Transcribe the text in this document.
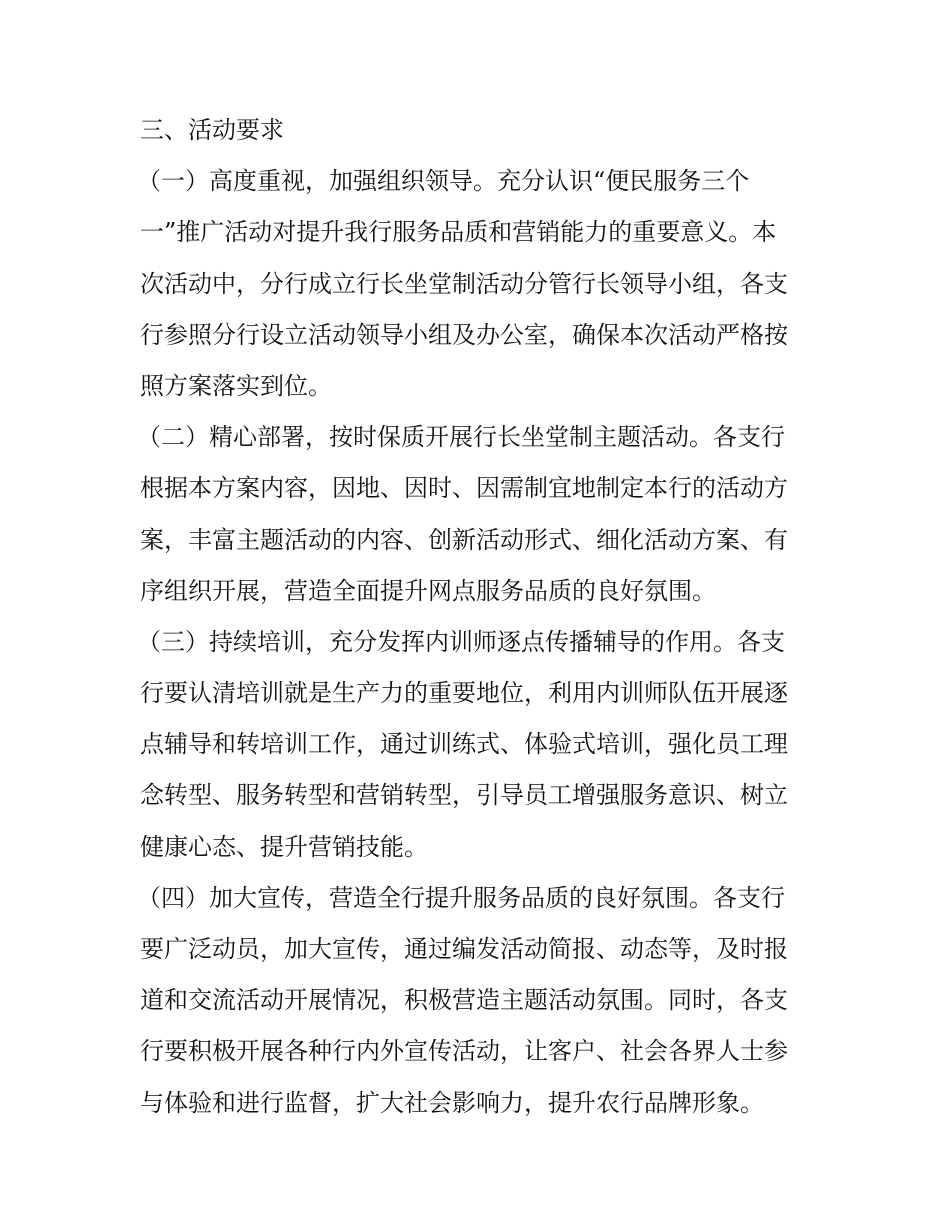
三、活动要求
（一）高度重视，加强组织领导。充分认识“便民服务三个
一”推广活动对提升我行服务品质和营销能力的重要意义。本
次活动中，分行成立行长坐堂制活动分管行长领导小组，各支
行参照分行设立活动领导小组及办公室，确保本次活动严格按
照方案落实到位。
（二）精心部署，按时保质开展行长坐堂制主题活动。各支行
根据本方案内容，因地、因时、因需制宜地制定本行的活动方
案，丰富主题活动的内容、创新活动形式、细化活动方案、有
序组织开展，营造全面提升网点服务品质的良好氛围。
（三）持续培训，充分发挥内训师逐点传播辅导的作用。各支
行要认清培训就是生产力的重要地位，利用内训师队伍开展逐
点辅导和转培训工作，通过训练式、体验式培训，强化员工理
念转型、服务转型和营销转型，引导员工增强服务意识、树立
健康心态、提升营销技能。
（四）加大宣传，营造全行提升服务品质的良好氛围。各支行
要广泛动员，加大宣传，通过编发活动简报、动态等，及时报
道和交流活动开展情况，积极营造主题活动氛围。同时，各支
行要积极开展各种行内外宣传活动，让客户、社会各界人士参
与体验和进行监督，扩大社会影响力，提升农行品牌形象。
